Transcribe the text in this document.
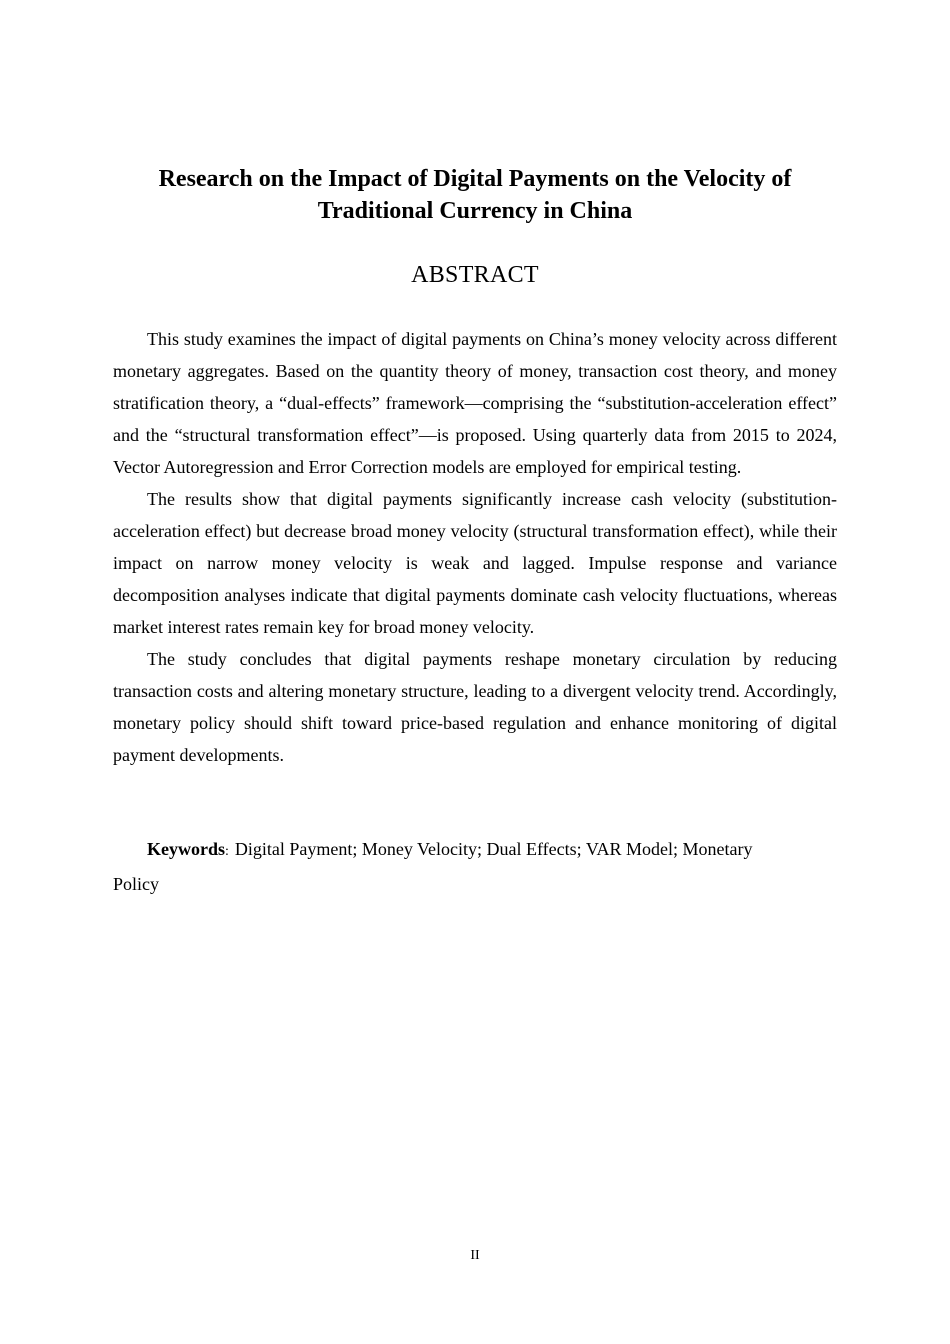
Research on the Impact of Digital Payments on the Velocity of Traditional Currency in China
ABSTRACT

This study examines the impact of digital payments on China’s money velocity across different monetary aggregates. Based on the quantity theory of money, transaction cost theory, and money stratification theory, a “dual-effects” framework—comprising the “substitution-acceleration effect” and the “structural transformation effect”—is proposed. Using quarterly data from 2015 to 2024, Vector Autoregression and Error Correction models are employed for empirical testing.

The results show that digital payments significantly increase cash velocity (substitution-acceleration effect) but decrease broad money velocity (structural transformation effect), while their impact on narrow money velocity is weak and lagged. Impulse response and variance decomposition analyses indicate that digital payments dominate cash velocity fluctuations, whereas market interest rates remain key for broad money velocity.

The study concludes that digital payments reshape monetary circulation by reducing transaction costs and altering monetary structure, leading to a divergent velocity trend. Accordingly, monetary policy should shift toward price-based regulation and enhance monitoring of digital payment developments.

Keywords: Digital Payment; Money Velocity; Dual Effects; VAR Model; Monetary Policy

II
